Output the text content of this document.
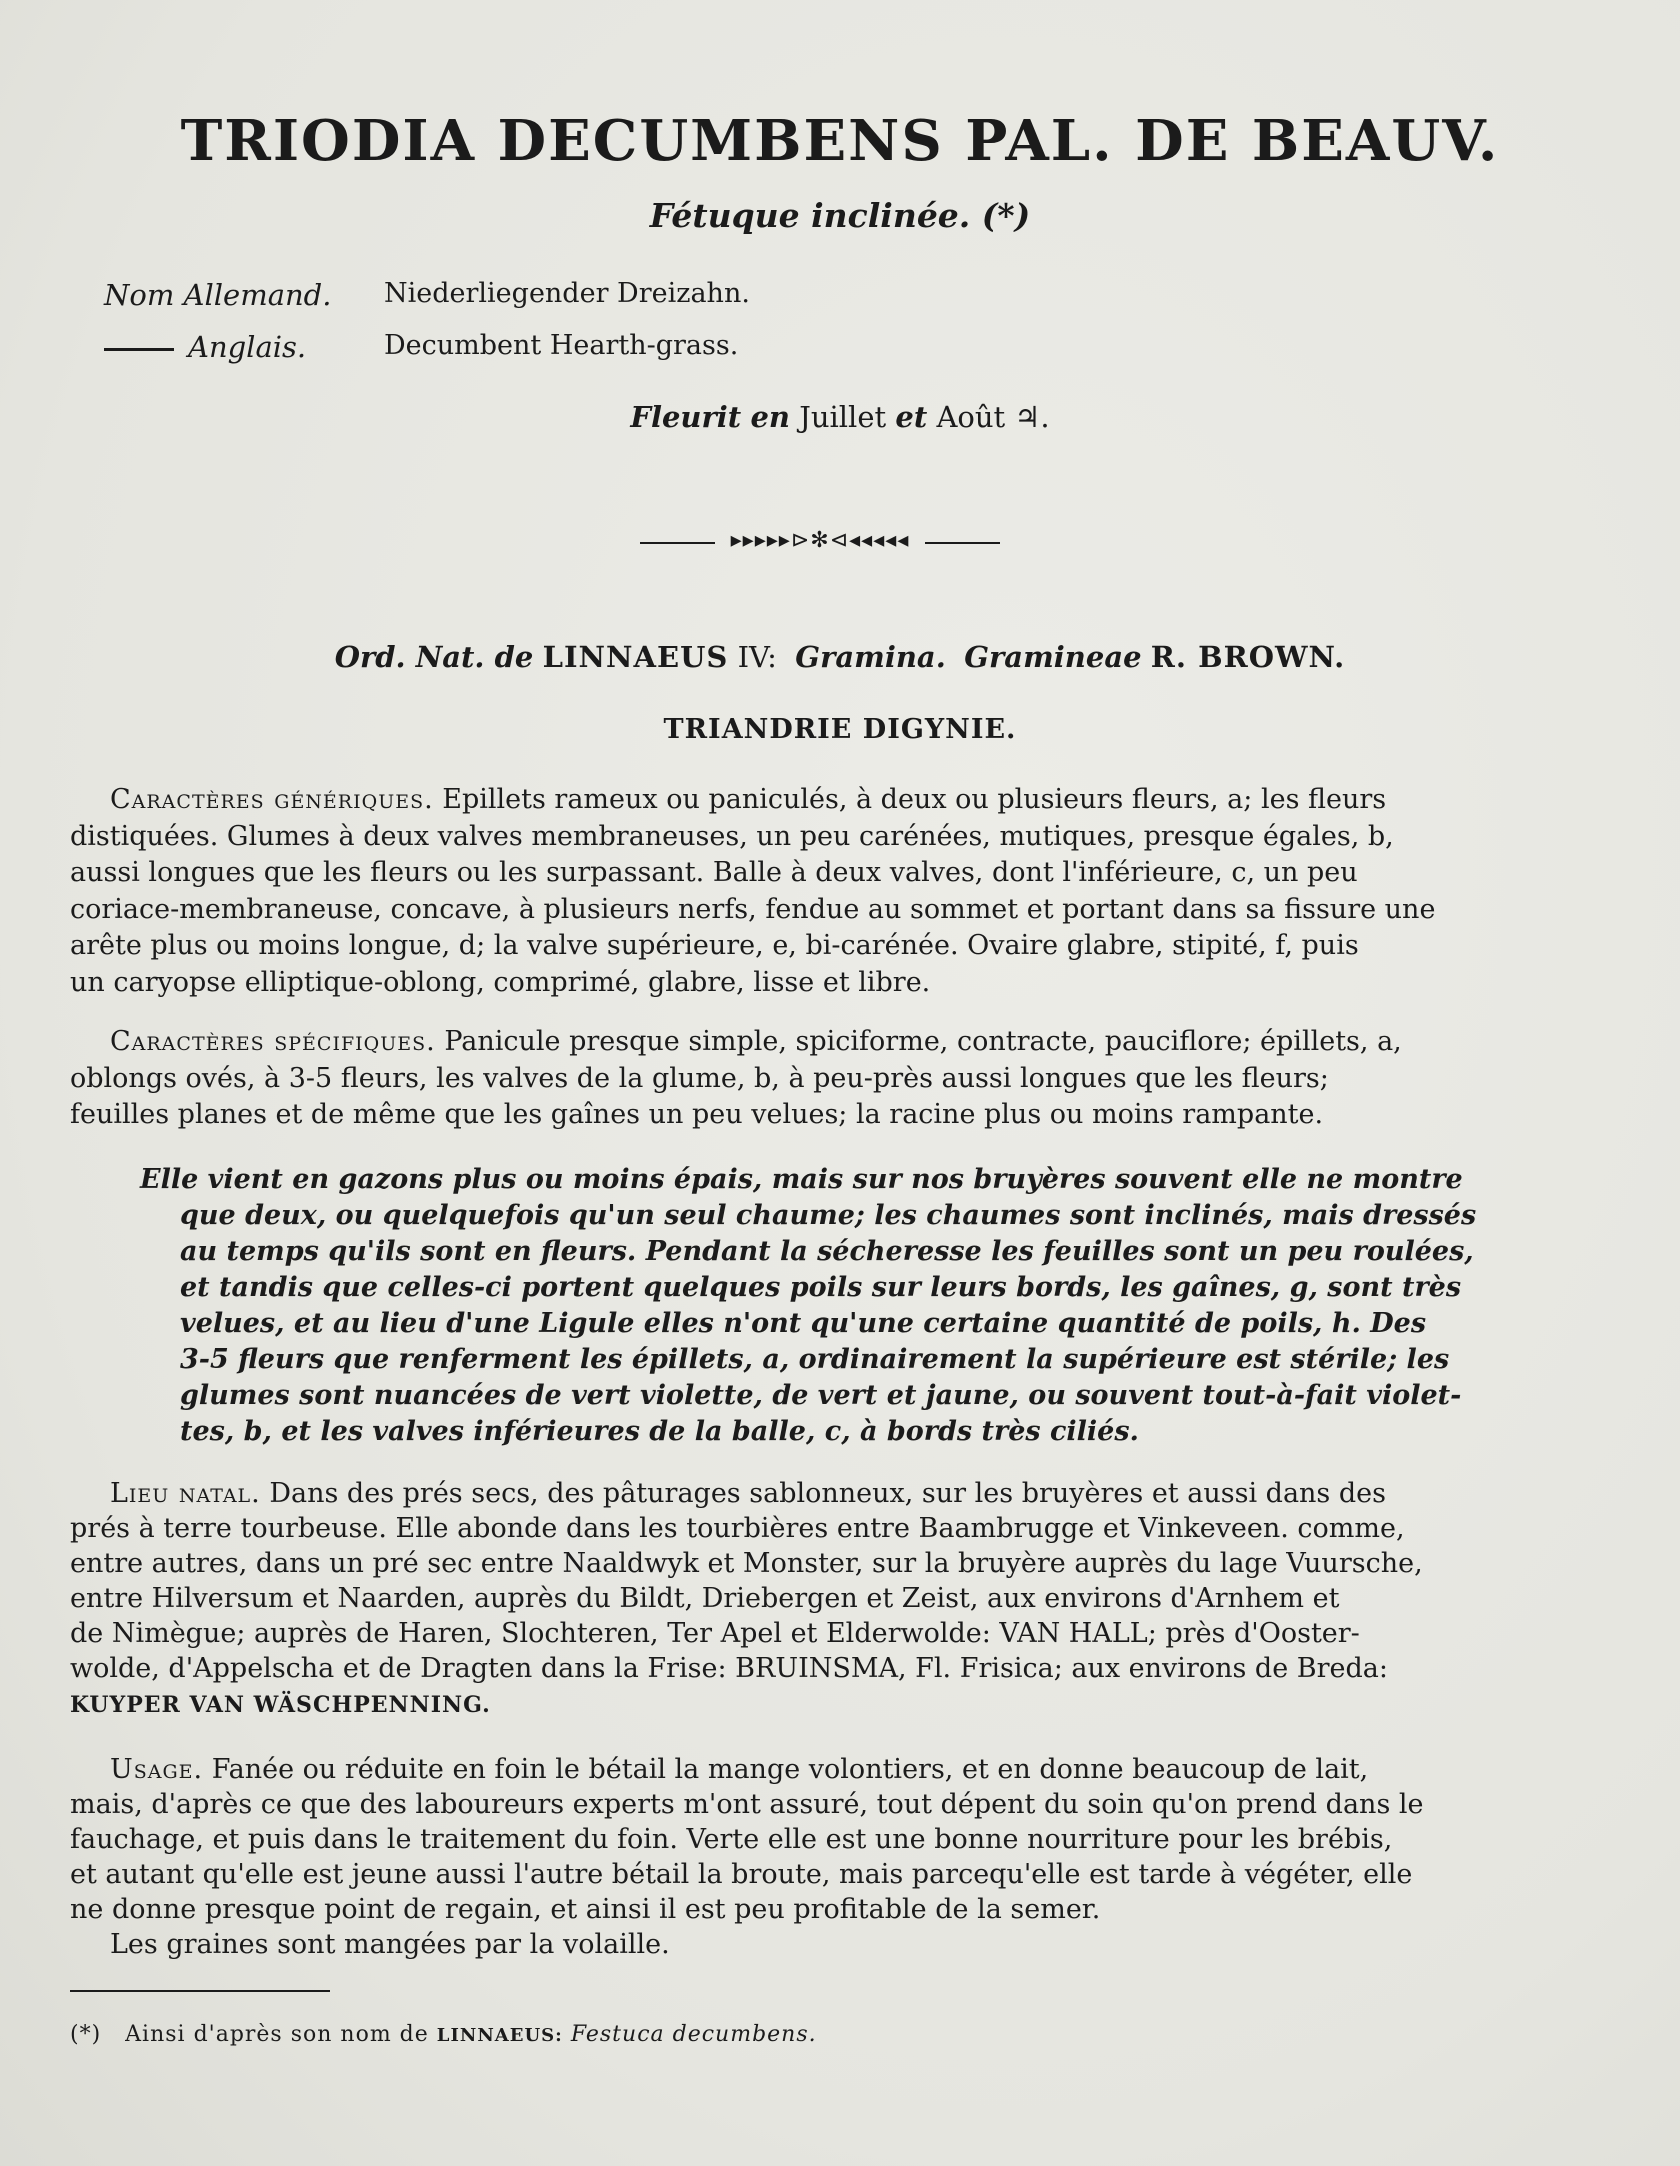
TRIODIA DECUMBENS PAL. DE BEAUV.
Fétuque inclinée. (*)
Nom Allemand.	Niederliegender Dreizahn.
Anglais.	Decumbent Hearth-grass.
Fleurit en Juillet et Août ♃.
▸▸▸▸▸⊳✻⊲◂◂◂◂◂
Ord. Nat. de LINNAEUS IV: Gramina. Gramineae R. BROWN.
TRIANDRIE DIGYNIE.
Caractères génériques. Epillets rameux ou paniculés, à deux ou plusieurs fleurs, a; les fleurs
distiquées. Glumes à deux valves membraneuses, un peu carénées, mutiques, presque égales, b,
aussi longues que les fleurs ou les surpassant. Balle à deux valves, dont l'inférieure, c, un peu
coriace-membraneuse, concave, à plusieurs nerfs, fendue au sommet et portant dans sa fissure une
arête plus ou moins longue, d; la valve supérieure, e, bi-carénée. Ovaire glabre, stipité, f, puis
un caryopse elliptique-oblong, comprimé, glabre, lisse et libre.
Caractères spécifiques. Panicule presque simple, spiciforme, contracte, pauciflore; épillets, a,
oblongs ovés, à 3-5 fleurs, les valves de la glume, b, à peu-près aussi longues que les fleurs;
feuilles planes et de même que les gaînes un peu velues; la racine plus ou moins rampante.
Elle vient en gazons plus ou moins épais, mais sur nos bruyères souvent elle ne montre
que deux, ou quelquefois qu'un seul chaume; les chaumes sont inclinés, mais dressés
au temps qu'ils sont en fleurs. Pendant la sécheresse les feuilles sont un peu roulées,
et tandis que celles-ci portent quelques poils sur leurs bords, les gaînes, g, sont très
velues, et au lieu d'une Ligule elles n'ont qu'une certaine quantité de poils, h. Des
3-5 fleurs que renferment les épillets, a, ordinairement la supérieure est stérile; les
glumes sont nuancées de vert violette, de vert et jaune, ou souvent tout-à-fait violet-
tes, b, et les valves inférieures de la balle, c, à bords très ciliés.
Lieu natal. Dans des prés secs, des pâturages sablonneux, sur les bruyères et aussi dans des
prés à terre tourbeuse. Elle abonde dans les tourbières entre Baambrugge et Vinkeveen. comme,
entre autres, dans un pré sec entre Naaldwyk et Monster, sur la bruyère auprès du lage Vuursche,
entre Hilversum et Naarden, auprès du Bildt, Driebergen et Zeist, aux environs d'Arnhem et
de Nimègue; auprès de Haren, Slochteren, Ter Apel et Elderwolde: VAN HALL; près d'Ooster-
wolde, d'Appelscha et de Dragten dans la Frise: BRUINSMA, Fl. Frisica; aux environs de Breda:
KUYPER VAN WÄSCHPENNING.
Usage. Fanée ou réduite en foin le bétail la mange volontiers, et en donne beaucoup de lait,
mais, d'après ce que des laboureurs experts m'ont assuré, tout dépent du soin qu'on prend dans le
fauchage, et puis dans le traitement du foin. Verte elle est une bonne nourriture pour les brébis,
et autant qu'elle est jeune aussi l'autre bétail la broute, mais parcequ'elle est tarde à végéter, elle
ne donne presque point de regain, et ainsi il est peu profitable de la semer.
Les graines sont mangées par la volaille.
(*) Ainsi d'après son nom de LINNAEUS: Festuca decumbens.
